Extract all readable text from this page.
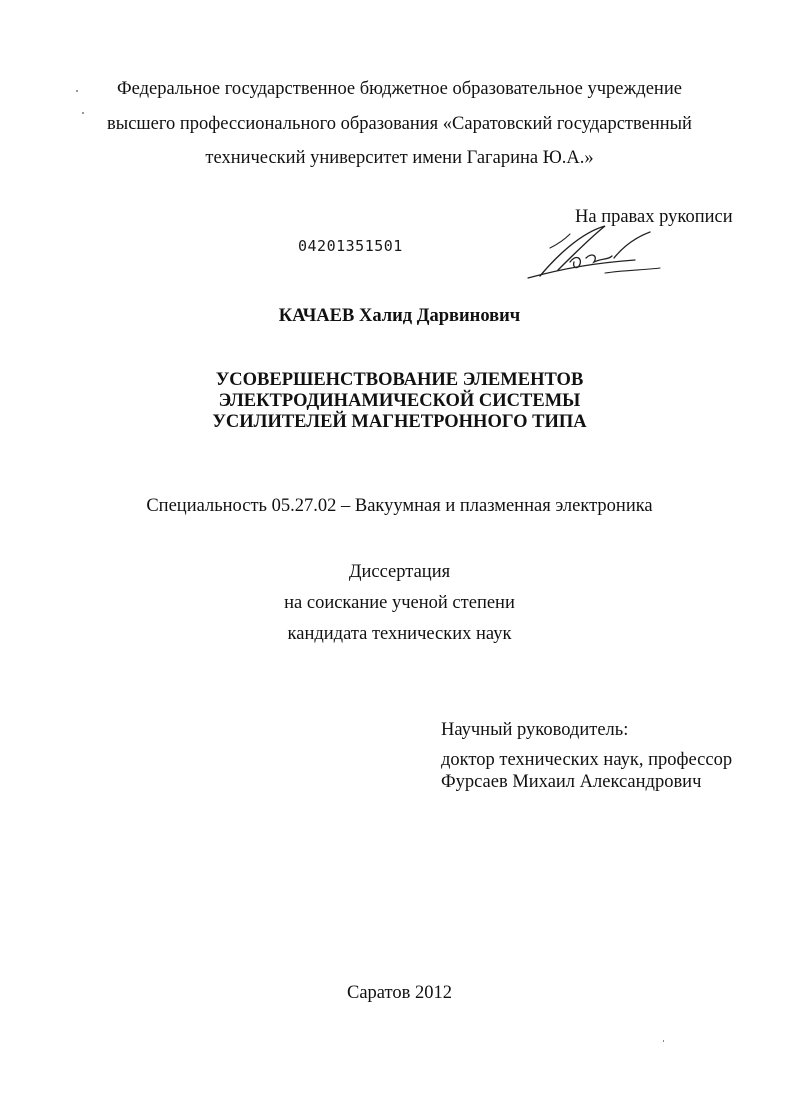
Федеральное государственное бюджетное образовательное учреждение
высшего профессионального образования «Саратовский государственный
технический университет имени Гагарина Ю.А.»
На правах рукописи
04201351501
КАЧАЕВ Халид Дарвинович
УСОВЕРШЕНСТВОВАНИЕ ЭЛЕМЕНТОВ
ЭЛЕКТРОДИНАМИЧЕСКОЙ СИСТЕМЫ
УСИЛИТЕЛЕЙ МАГНЕТРОННОГО ТИПА
Специальность 05.27.02 – Вакуумная и плазменная электроника
Диссертация
на соискание ученой степени
кандидата технических наук
Научный руководитель:
доктор технических наук, профессор
Фурсаев Михаил Александрович
Саратов 2012
